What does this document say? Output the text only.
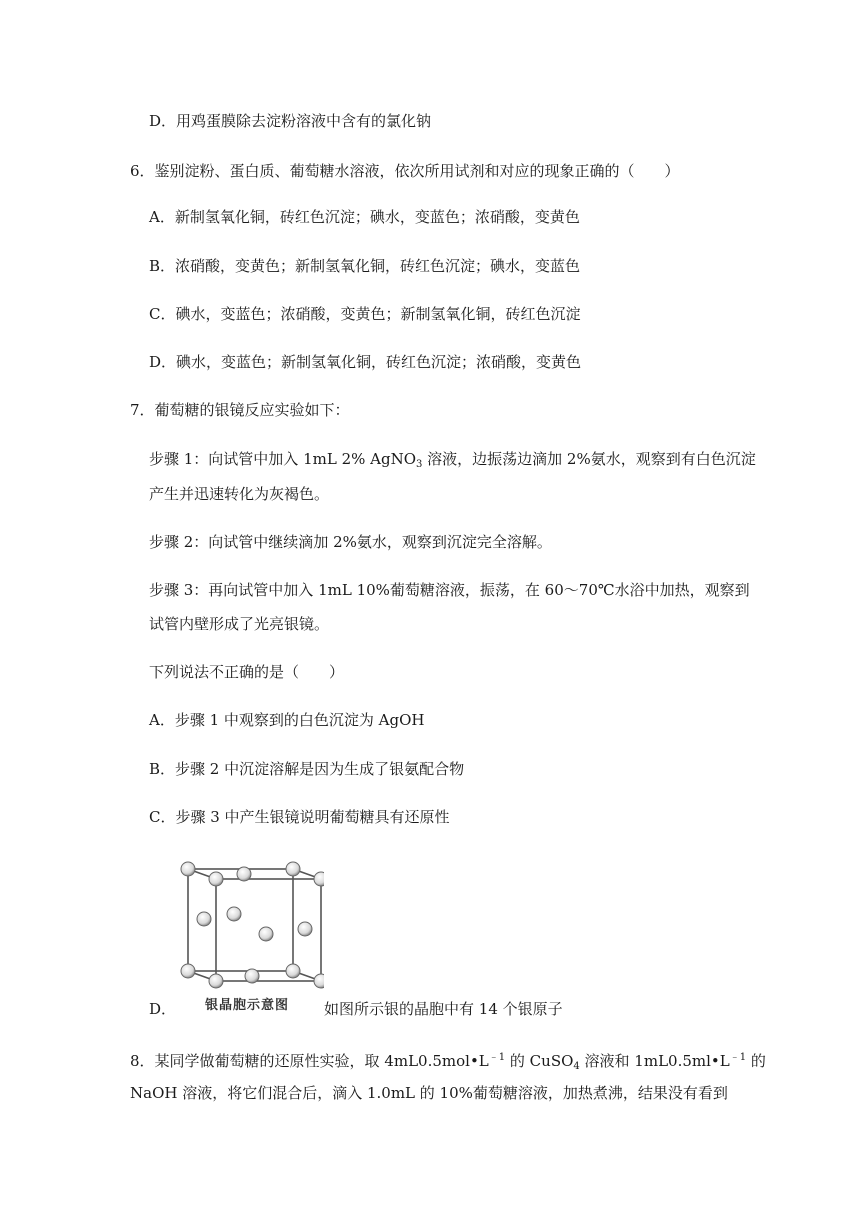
D．用鸡蛋膜除去淀粉溶液中含有的氯化钠
6．鉴别淀粉、蛋白质、葡萄糖水溶液，依次所用试剂和对应的现象正确的（　　）
A．新制氢氧化铜，砖红色沉淀；碘水，变蓝色；浓硝酸，变黄色
B．浓硝酸，变黄色；新制氢氧化铜，砖红色沉淀；碘水，变蓝色
C．碘水，变蓝色；浓硝酸，变黄色；新制氢氧化铜，砖红色沉淀
D．碘水，变蓝色；新制氢氧化铜，砖红色沉淀；浓硝酸，变黄色
7．葡萄糖的银镜反应实验如下：
步骤 1：向试管中加入 1mL 2% AgNO$_3$ 溶液，边振荡边滴加 2%氨水，观察到有白色沉淀
产生并迅速转化为灰褐色。
步骤 2：向试管中继续滴加 2%氨水，观察到沉淀完全溶解。
步骤 3：再向试管中加入 1mL 10%葡萄糖溶液，振荡，在 60～70℃水浴中加热，观察到
试管内壁形成了光亮银镜。
下列说法不正确的是（　　）
A．步骤 1 中观察到的白色沉淀为 AgOH
B．步骤 2 中沉淀溶解是因为生成了银氨配合物
C．步骤 3 中产生银镜说明葡萄糖具有还原性
D． 银晶胞示意图 如图所示银的晶胞中有 14 个银原子
8．某同学做葡萄糖的还原性实验，取 $4mL0.5mol•L^{﹣1}$ 的 CuSO$_4$ 溶液和 $1mL0.5ml•L^{﹣1}$ 的
NaOH 溶液，将它们混合后，滴入 1.0mL 的 10%葡萄糖溶液，加热煮沸，结果没有看到
